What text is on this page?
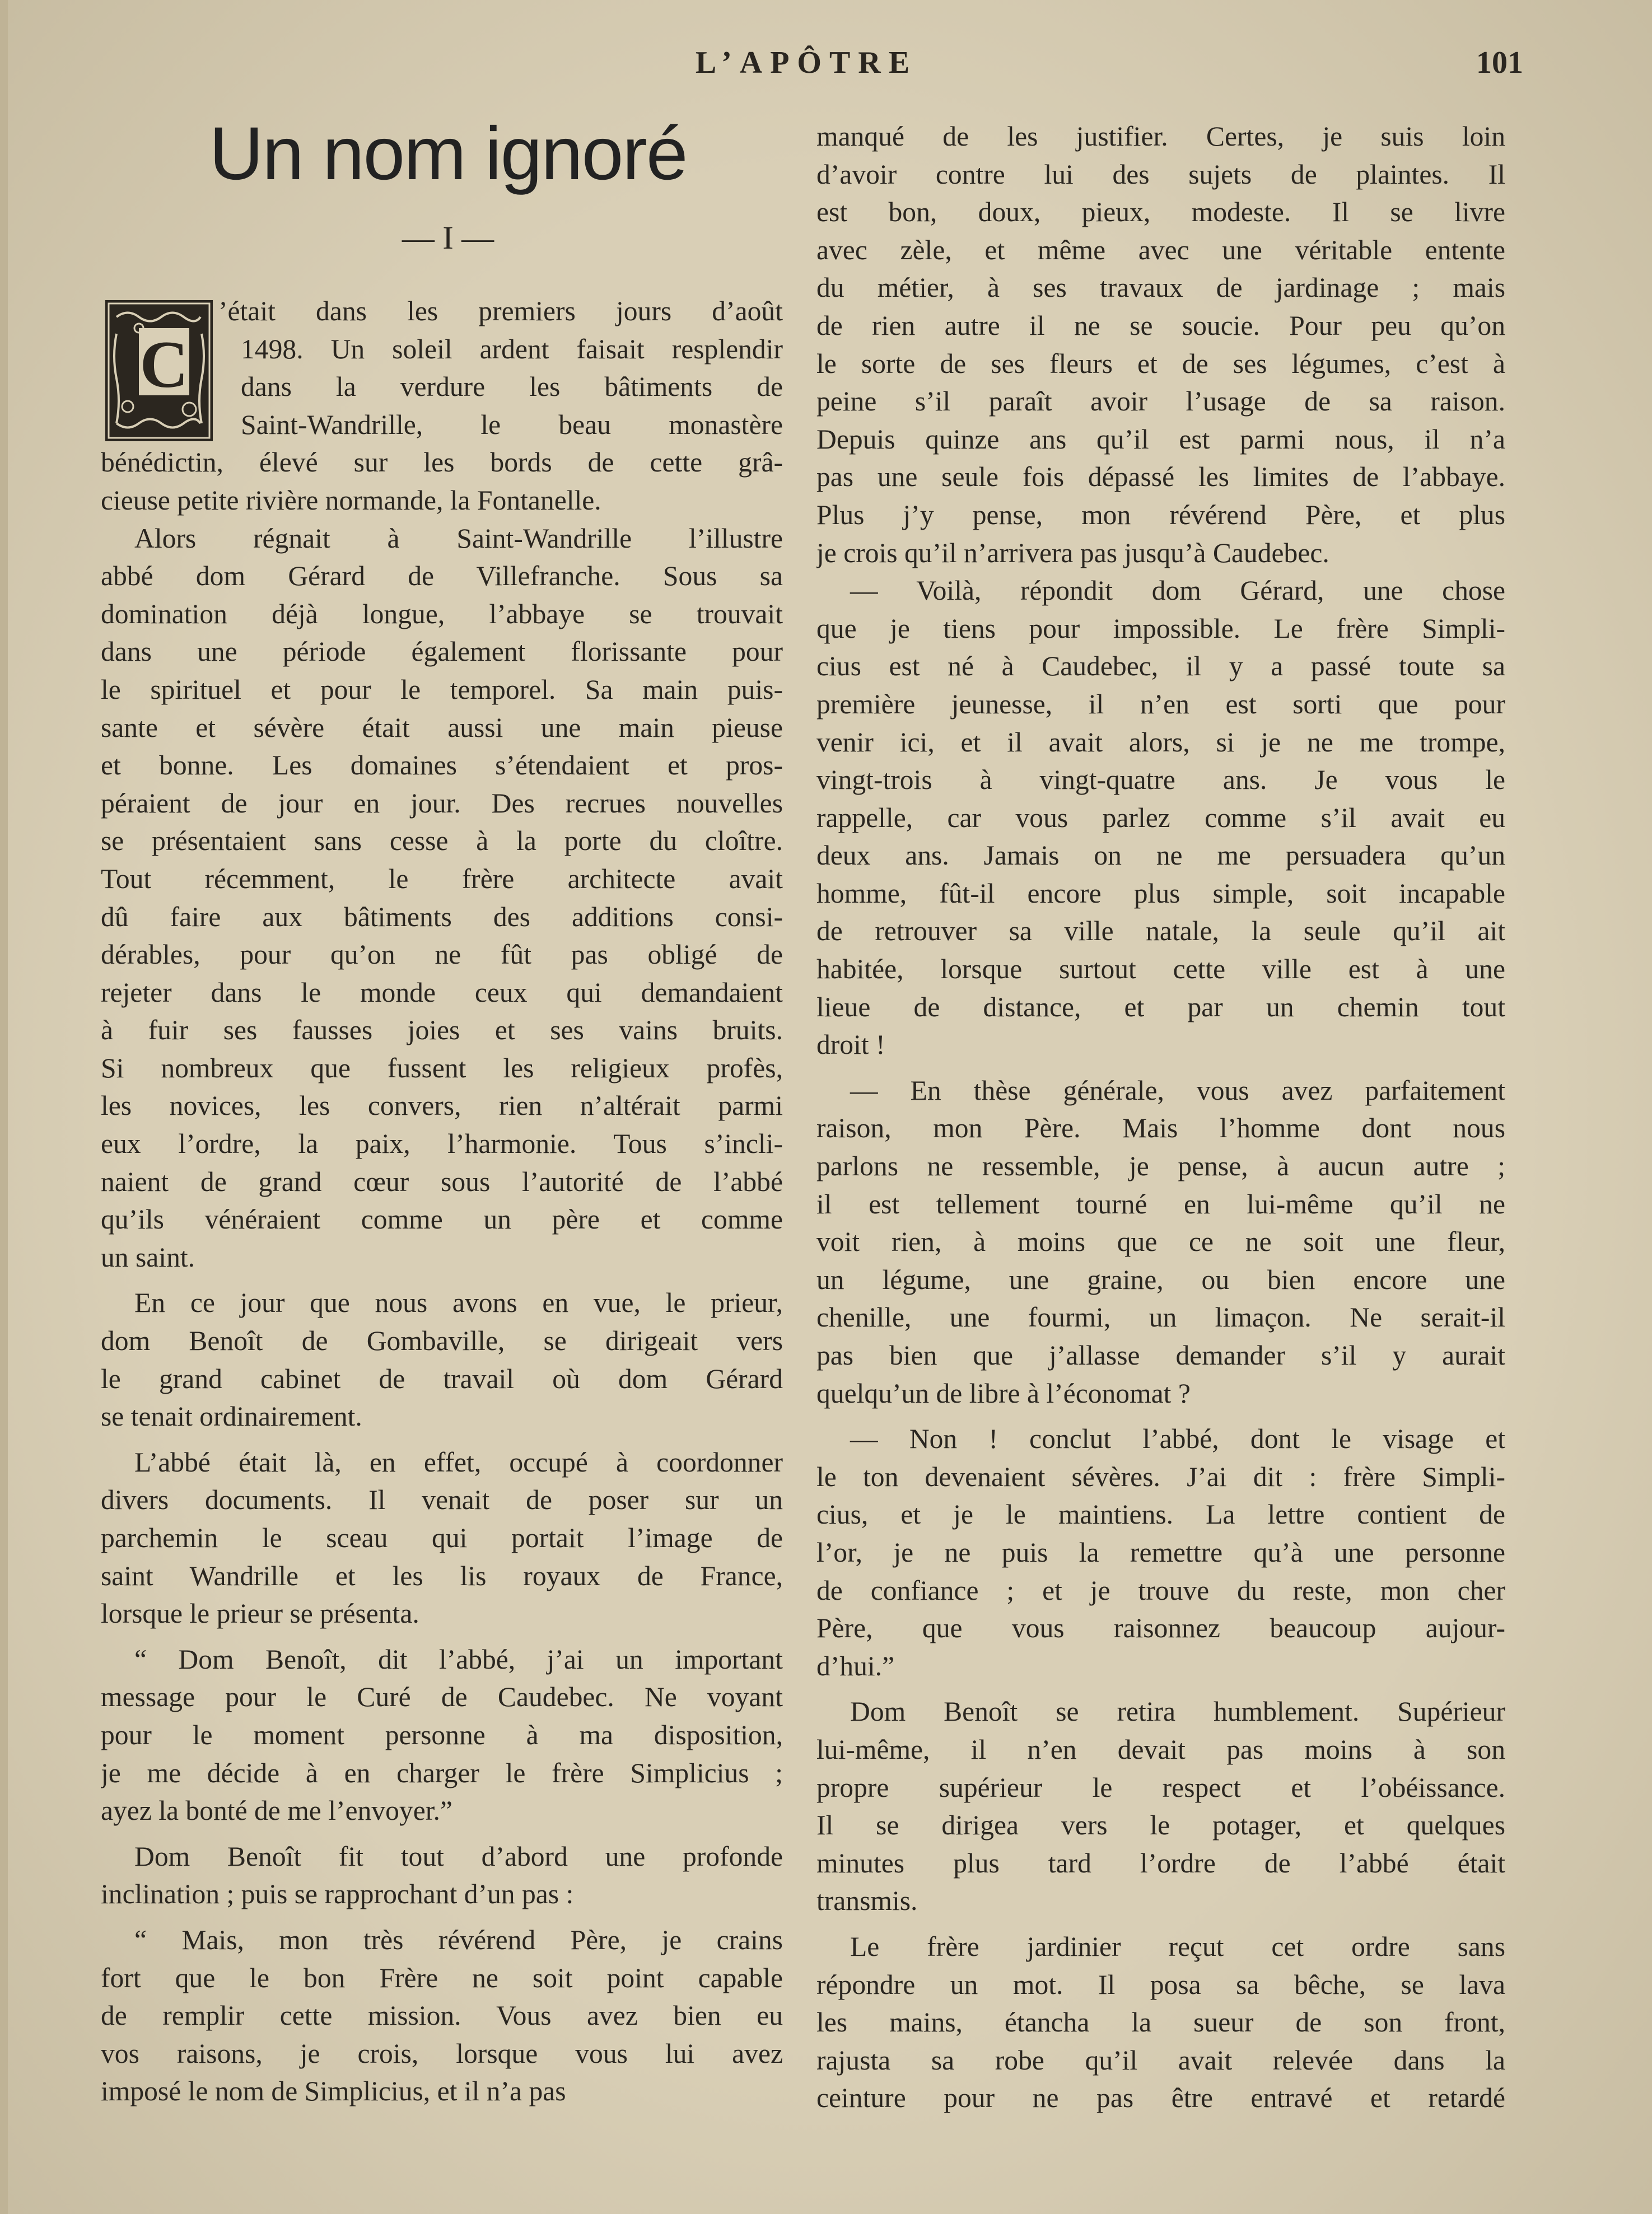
L’APÔTRE	101
Un nom ignoré
— I —
C
’était dans les premiers jours d’août
1498. Un soleil ardent faisait resplendir
dans la verdure les bâtiments de
Saint-Wandrille, le beau monastère
bénédictin, élevé sur les bords de cette grâ-
cieuse petite rivière normande, la Fontanelle.
Alors régnait à Saint-Wandrille l’illustre
abbé dom Gérard de Villefranche. Sous sa
domination déjà longue, l’abbaye se trouvait
dans une période également florissante pour
le spirituel et pour le temporel. Sa main puis-
sante et sévère était aussi une main pieuse
et bonne. Les domaines s’étendaient et pros-
péraient de jour en jour. Des recrues nouvelles
se présentaient sans cesse à la porte du cloître.
Tout récemment, le frère architecte avait
dû faire aux bâtiments des additions consi-
dérables, pour qu’on ne fût pas obligé de
rejeter dans le monde ceux qui demandaient
à fuir ses fausses joies et ses vains bruits.
Si nombreux que fussent les religieux profès,
les novices, les convers, rien n’altérait parmi
eux l’ordre, la paix, l’harmonie. Tous s’incli-
naient de grand cœur sous l’autorité de l’abbé
qu’ils vénéraient comme un père et comme
un saint.
En ce jour que nous avons en vue, le prieur,
dom Benoît de Gombaville, se dirigeait vers
le grand cabinet de travail où dom Gérard
se tenait ordinairement.
L’abbé était là, en effet, occupé à coordonner
divers documents. Il venait de poser sur un
parchemin le sceau qui portait l’image de
saint Wandrille et les lis royaux de France,
lorsque le prieur se présenta.
“ Dom Benoît, dit l’abbé, j’ai un important
message pour le Curé de Caudebec. Ne voyant
pour le moment personne à ma disposition,
je me décide à en charger le frère Simplicius ;
ayez la bonté de me l’envoyer.”
Dom Benoît fit tout d’abord une profonde
inclination ; puis se rapprochant d’un pas :
“ Mais, mon très révérend Père, je crains
fort que le bon Frère ne soit point capable
de remplir cette mission. Vous avez bien eu
vos raisons, je crois, lorsque vous lui avez
imposé le nom de Simplicius, et il n’a pas
manqué de les justifier. Certes, je suis loin
d’avoir contre lui des sujets de plaintes. Il
est bon, doux, pieux, modeste. Il se livre
avec zèle, et même avec une véritable entente
du métier, à ses travaux de jardinage ; mais
de rien autre il ne se soucie. Pour peu qu’on
le sorte de ses fleurs et de ses légumes, c’est à
peine s’il paraît avoir l’usage de sa raison.
Depuis quinze ans qu’il est parmi nous, il n’a
pas une seule fois dépassé les limites de l’abbaye.
Plus j’y pense, mon révérend Père, et plus
je crois qu’il n’arrivera pas jusqu’à Caudebec.
— Voilà, répondit dom Gérard, une chose
que je tiens pour impossible. Le frère Simpli-
cius est né à Caudebec, il y a passé toute sa
première jeunesse, il n’en est sorti que pour
venir ici, et il avait alors, si je ne me trompe,
vingt-trois à vingt-quatre ans. Je vous le
rappelle, car vous parlez comme s’il avait eu
deux ans. Jamais on ne me persuadera qu’un
homme, fût-il encore plus simple, soit incapable
de retrouver sa ville natale, la seule qu’il ait
habitée, lorsque surtout cette ville est à une
lieue de distance, et par un chemin tout
droit !
— En thèse générale, vous avez parfaitement
raison, mon Père. Mais l’homme dont nous
parlons ne ressemble, je pense, à aucun autre ;
il est tellement tourné en lui-même qu’il ne
voit rien, à moins que ce ne soit une fleur,
un légume, une graine, ou bien encore une
chenille, une fourmi, un limaçon. Ne serait-il
pas bien que j’allasse demander s’il y aurait
quelqu’un de libre à l’économat ?
— Non ! conclut l’abbé, dont le visage et
le ton devenaient sévères. J’ai dit : frère Simpli-
cius, et je le maintiens. La lettre contient de
l’or, je ne puis la remettre qu’à une personne
de confiance ; et je trouve du reste, mon cher
Père, que vous raisonnez beaucoup aujour-
d’hui.”
Dom Benoît se retira humblement. Supérieur
lui-même, il n’en devait pas moins à son
propre supérieur le respect et l’obéissance.
Il se dirigea vers le potager, et quelques
minutes plus tard l’ordre de l’abbé était
transmis.
Le frère jardinier reçut cet ordre sans
répondre un mot. Il posa sa bêche, se lava
les mains, étancha la sueur de son front,
rajusta sa robe qu’il avait relevée dans la
ceinture pour ne pas être entravé et retardé
